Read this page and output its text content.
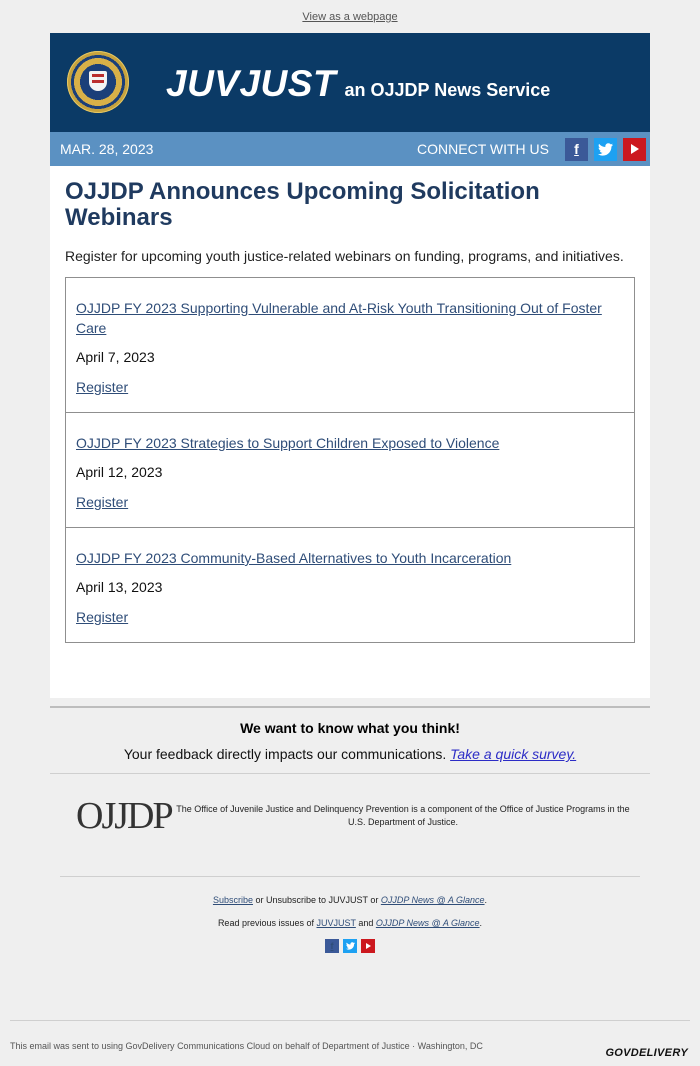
View as a webpage
JUVJUST an OJJDP News Service
MAR. 28, 2023	CONNECT WITH US	f
OJJDP Announces Upcoming Solicitation Webinars

Register for upcoming youth justice-related webinars on funding, programs, and initiatives.

OJJDP FY 2023 Supporting Vulnerable and At-Risk Youth Transitioning Out of Foster Care
April 7, 2023
Register
OJJDP FY 2023 Strategies to Support Children Exposed to Violence
April 12, 2023
Register
OJJDP FY 2023 Community-Based Alternatives to Youth Incarceration
April 13, 2023
Register
We want to know what you think!
Your feedback directly impacts our communications. Take a quick survey.
OJJDP The Office of Juvenile Justice and Delinquency Prevention is a component of the Office of Justice Programs in the U.S. Department of Justice.
Subscribe or Unsubscribe to JUVJUST or OJJDP News @ A Glance.
Read previous issues of JUVJUST and OJJDP News @ A Glance.
f
This email was sent to using GovDelivery Communications Cloud on behalf of Department of Justice · Washington, DC
GOVDELIVERY
